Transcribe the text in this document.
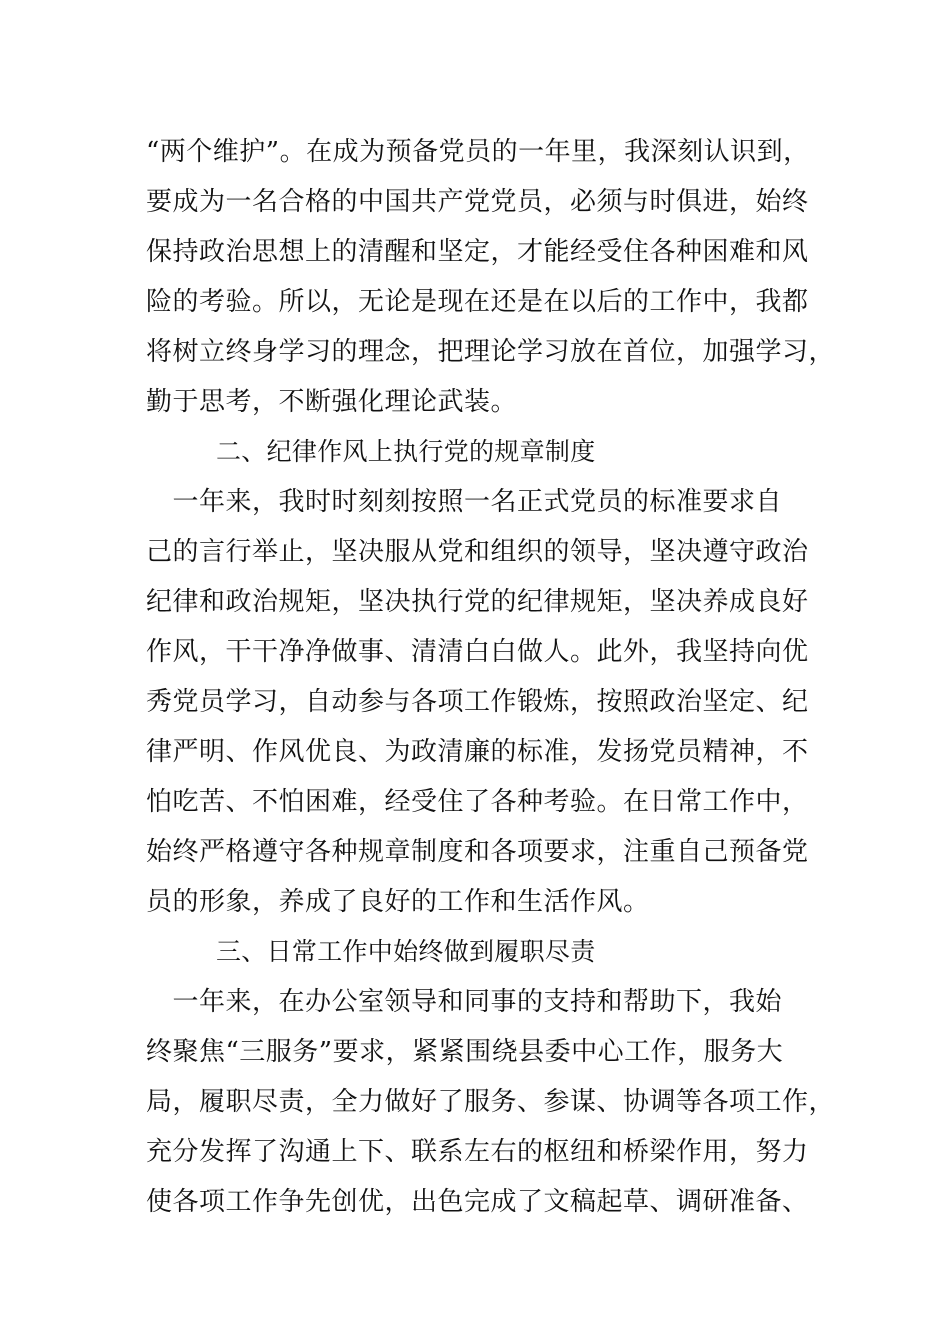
“两个维护”。在成为预备党员的一年里，我深刻认识到，
要成为一名合格的中国共产党党员，必须与时俱进，始终
保持政治思想上的清醒和坚定，才能经受住各种困难和风
险的考验。所以，无论是现在还是在以后的工作中，我都
将树立终身学习的理念，把理论学习放在首位，加强学习，
勤于思考，不断强化理论武装。
二、纪律作风上执行党的规章制度
　一年来，我时时刻刻按照一名正式党员的标准要求自
己的言行举止，坚决服从党和组织的领导，坚决遵守政治
纪律和政治规矩，坚决执行党的纪律规矩，坚决养成良好
作风，干干净净做事、清清白白做人。此外，我坚持向优
秀党员学习，自动参与各项工作锻炼，按照政治坚定、纪
律严明、作风优良、为政清廉的标准，发扬党员精神，不
怕吃苦、不怕困难，经受住了各种考验。在日常工作中，
始终严格遵守各种规章制度和各项要求，注重自己预备党
员的形象，养成了良好的工作和生活作风。
三、日常工作中始终做到履职尽责
　一年来，在办公室领导和同事的支持和帮助下，我始
终聚焦“三服务”要求，紧紧围绕县委中心工作，服务大
局，履职尽责，全力做好了服务、参谋、协调等各项工作，
充分发挥了沟通上下、联系左右的枢纽和桥梁作用，努力
使各项工作争先创优，出色完成了文稿起草、调研准备、
